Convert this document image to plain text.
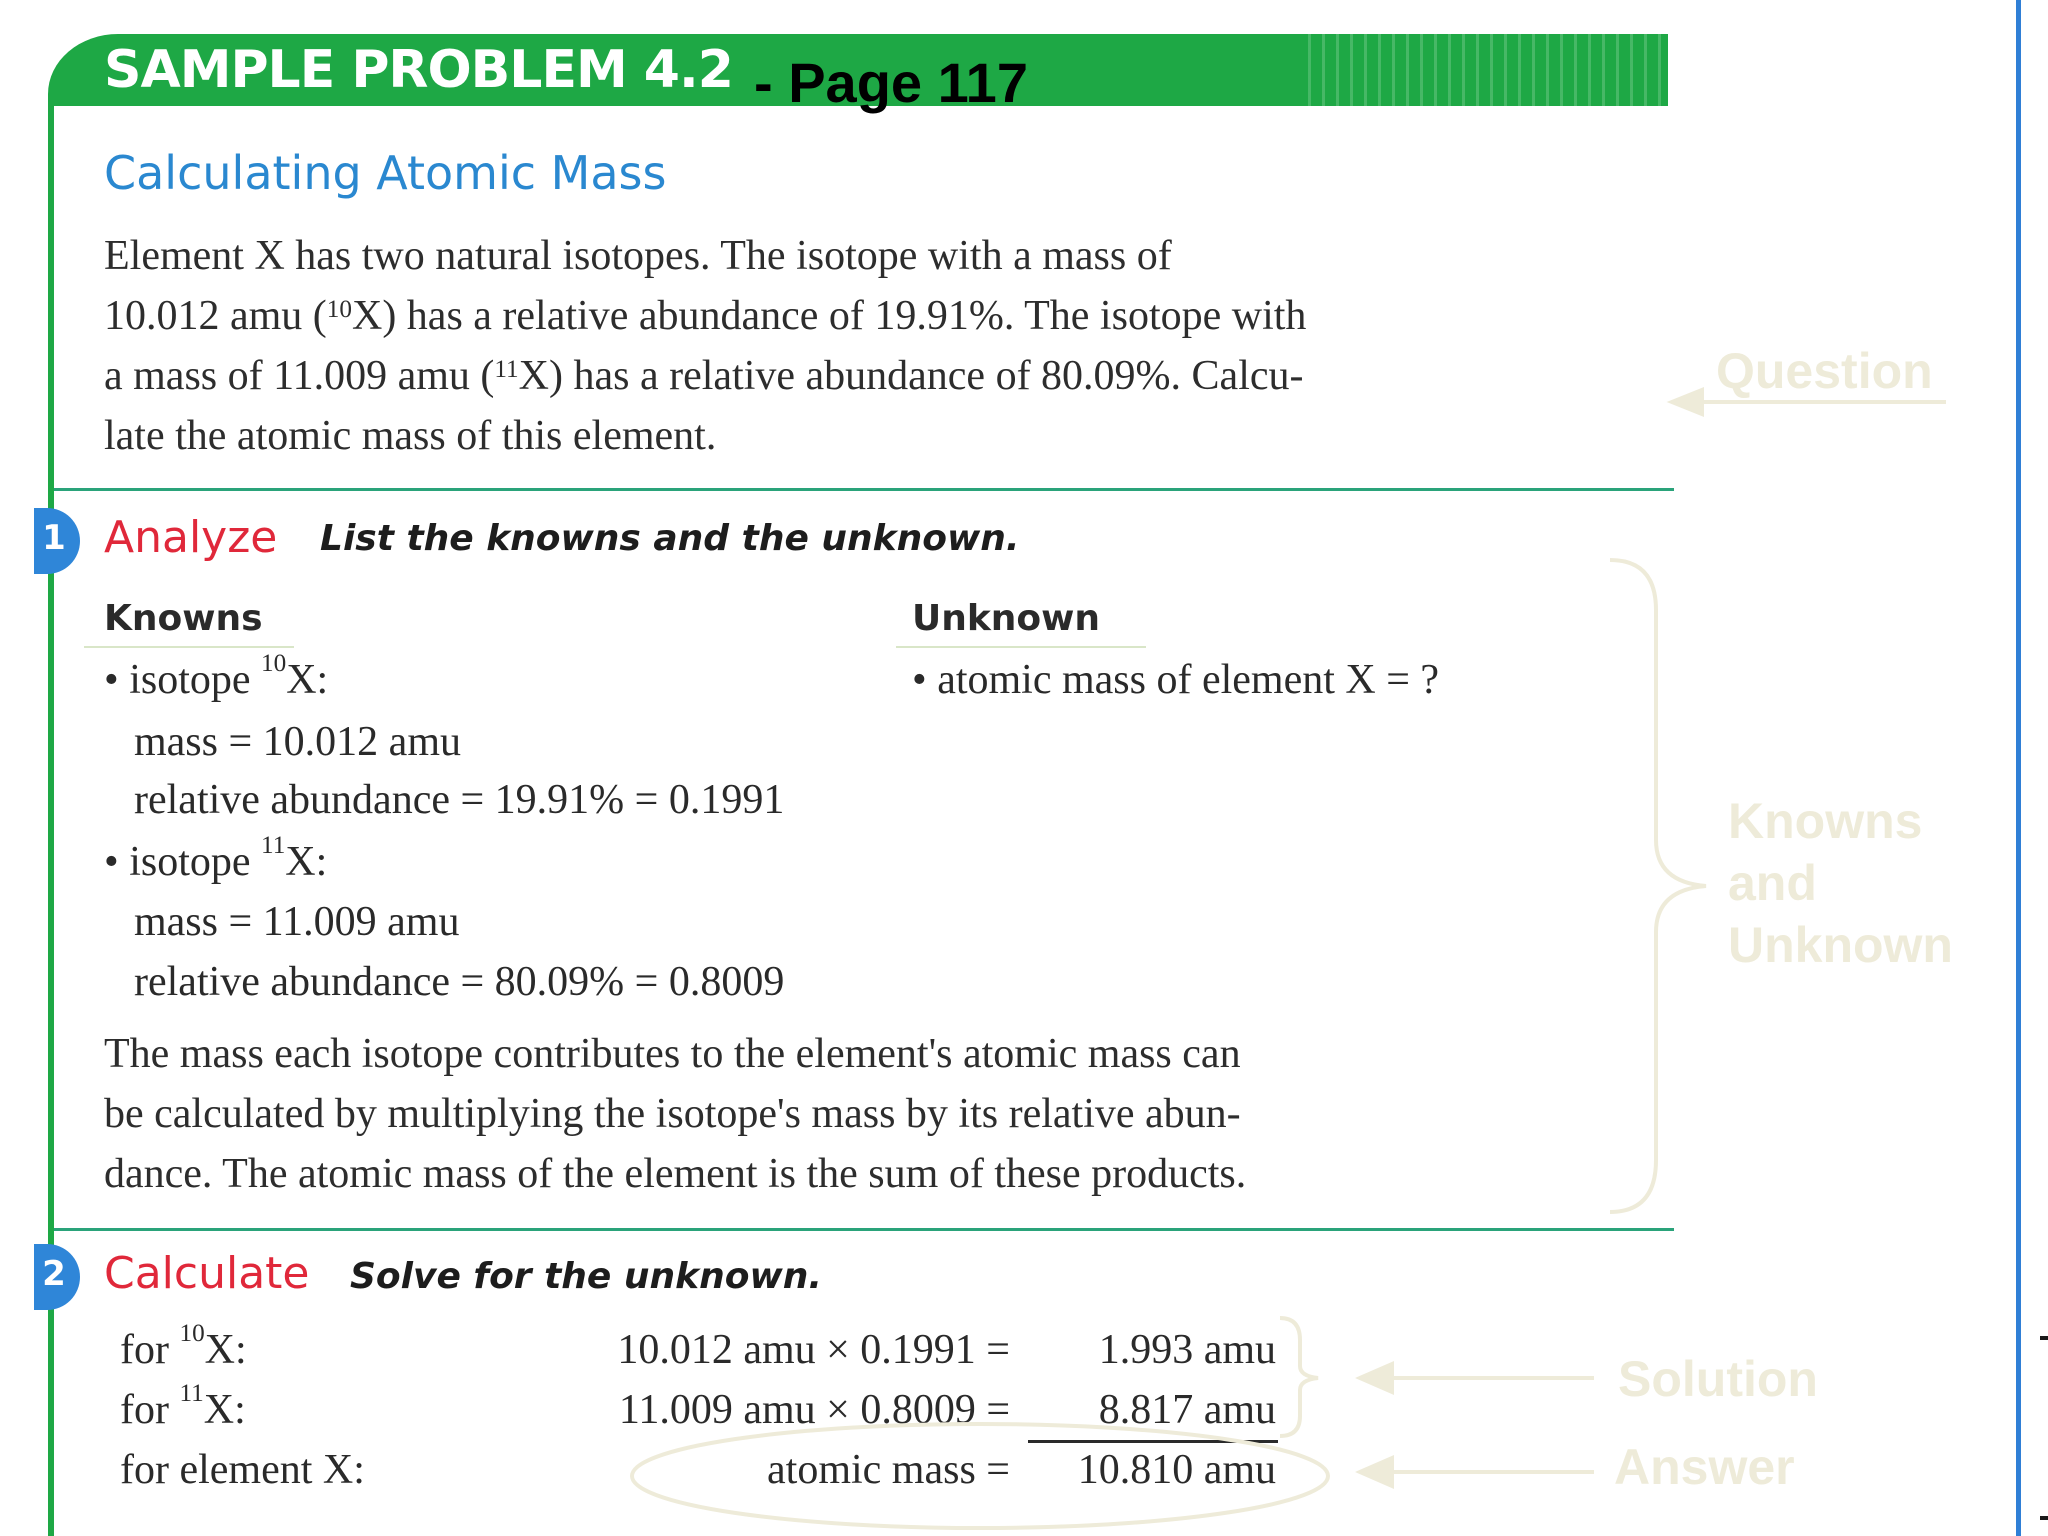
SAMPLE PROBLEM 4.2 - Page 117
Calculating Atomic Mass
Element X has two natural isotopes. The isotope with a mass of
10.012 amu ($^{10}$X) has a relative abundance of 19.91%. The isotope with
a mass of 11.009 amu ($^{11}$X) has a relative abundance of 80.09%. Calcu-
late the atomic mass of this element.
1 Analyze List the knowns and the unknown.
Knowns	Unknown
• isotope $^{10}$X:
mass = 10.012 amu
relative abundance = 19.91% = 0.1991
• isotope $^{11}$X:
mass = 11.009 amu
relative abundance = 80.09% = 0.8009
• atomic mass of element X = ?
The mass each isotope contributes to the element's atomic mass can
be calculated by multiplying the isotope's mass by its relative abun-
dance. The atomic mass of the element is the sum of these products.
2 Calculate Solve for the unknown.
for $^{10}$X:	10.012 amu × 0.1991 =	1.993 amu
for $^{11}$X:	11.009 amu × 0.8009 =	8.817 amu
for element X:	atomic mass =	10.810 amu
Question
Knowns
and
Unknown
Solution
Answer
